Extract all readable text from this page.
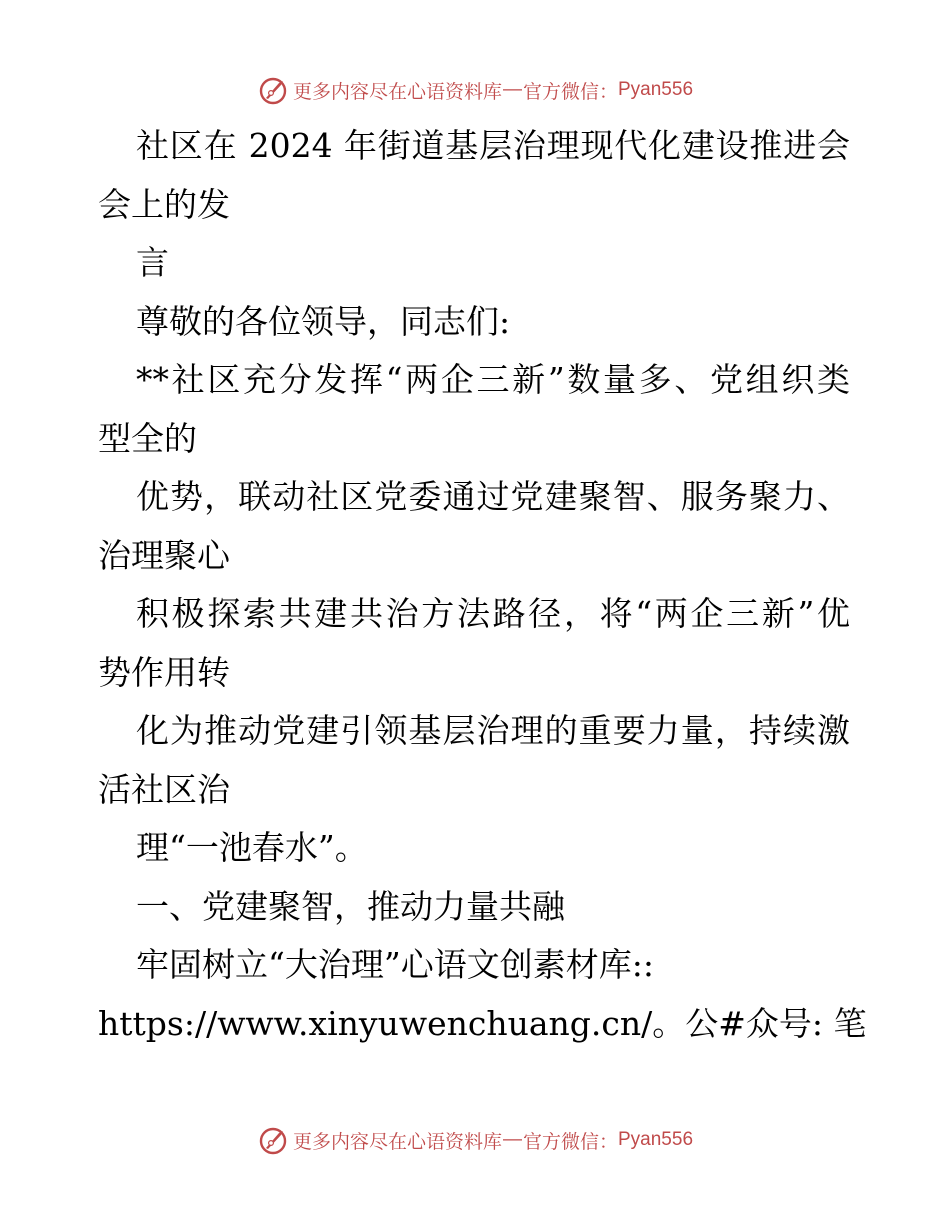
更多内容尽在心语资料库 — 官方微信： Pyan556
社区在 2024 年街道基层治理现代化建设推进会
会上的发
言
尊敬的各位领导，同志们:
**社区充分发挥“两企三新”数量多、党组织类
型全的
优势，联动社区党委通过党建聚智、服务聚力、
治理聚心
积极探索共建共治方法路径，将“两企三新”优
势作用转
化为推动党建引领基层治理的重要力量，持续激
活社区治
理“一池春水”。
一、党建聚智，推动力量共融
牢固树立“大治理”心语文创素材库::
https://www.xinyuwenchuang.cn/。公#众号: 笔
更多内容尽在心语资料库 — 官方微信： Pyan556
